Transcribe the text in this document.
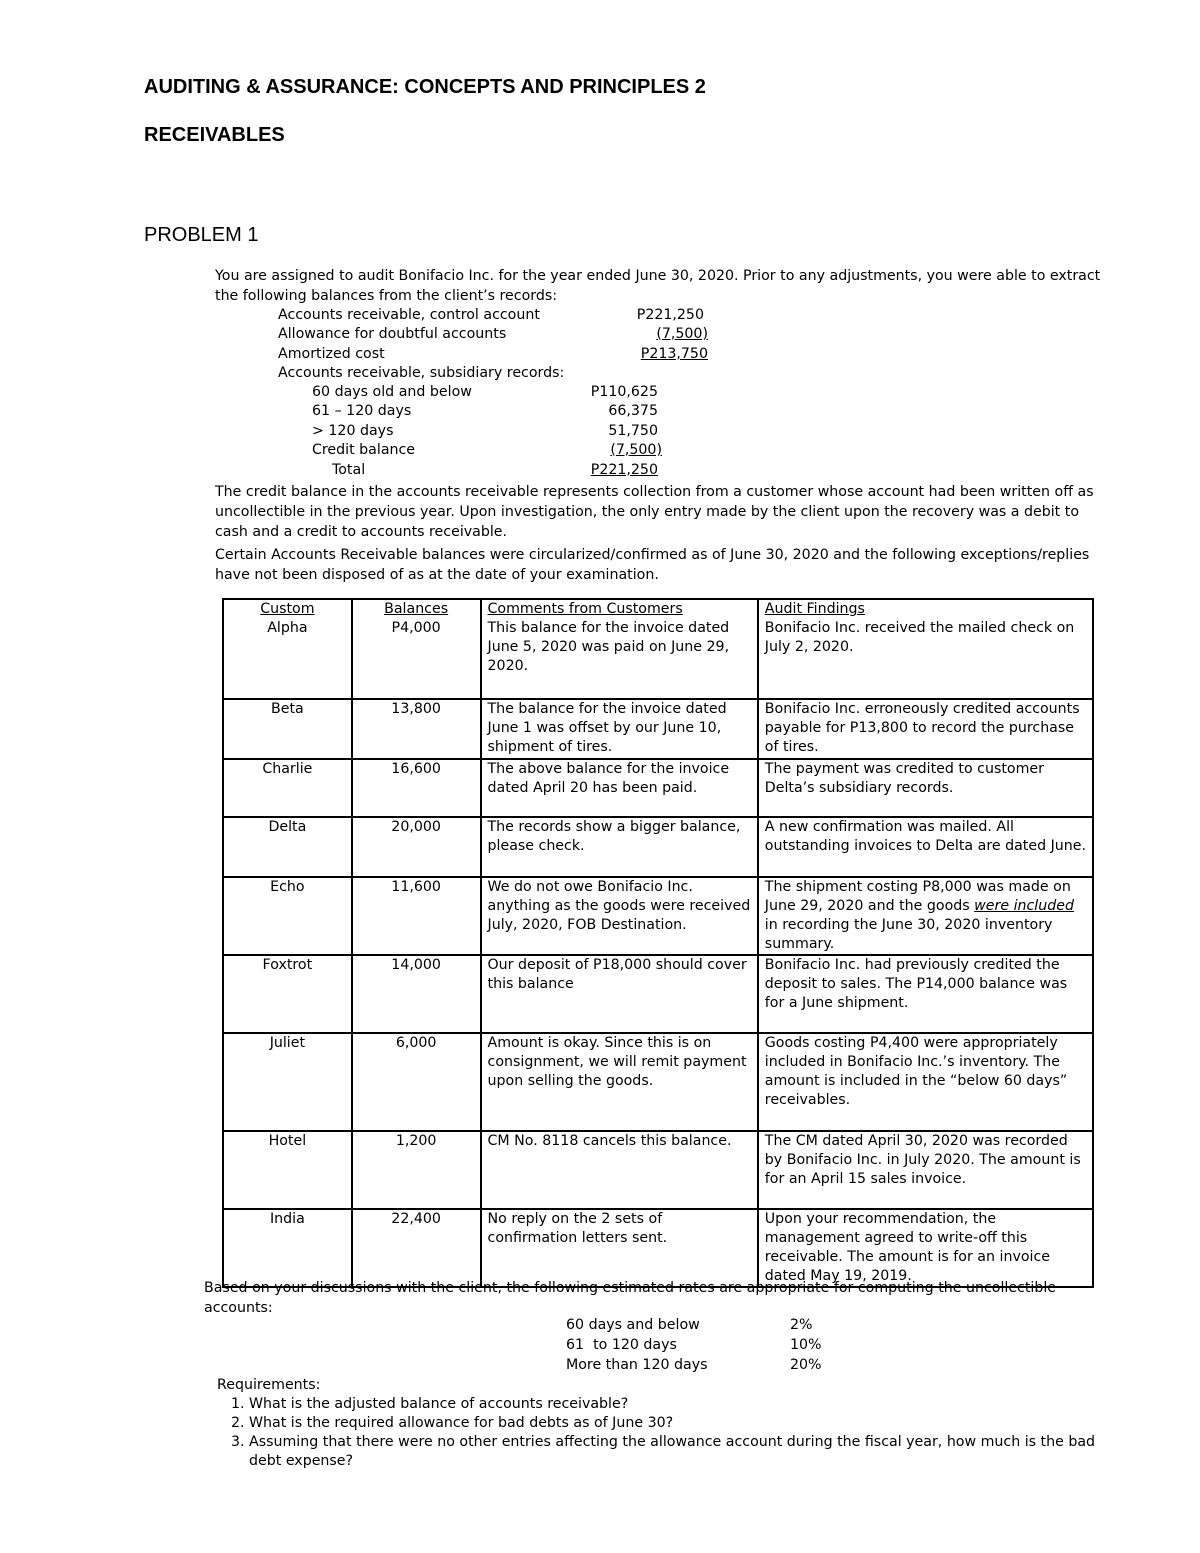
AUDITING & ASSURANCE: CONCEPTS AND PRINCIPLES 2
RECEIVABLES
PROBLEM 1
You are assigned to audit Bonifacio Inc. for the year ended June 30, 2020. Prior to any adjustments, you were able to extract the following balances from the client’s records:
Accounts receivable, control account	P221,250
Allowance for doubtful accounts	(7,500)
Amortized cost	P213,750
Accounts receivable, subsidiary records:
60 days old and below	P110,625
61 – 120 days	66,375
> 120 days	51,750
Credit balance	(7,500)
Total	P221,250
The credit balance in the accounts receivable represents collection from a customer whose account had been written off as uncollectible in the previous year. Upon investigation, the only entry made by the client upon the recovery was a debit to cash and a credit to accounts receivable.
Certain Accounts Receivable balances were circularized/confirmed as of June 30, 2020 and the following exceptions/replies have not been disposed of as at the date of your examination.
Custom	Balances	Comments from Customers	Audit Findings
Alpha	P4,000	This balance for the invoice dated June 5, 2020 was paid on June 29, 2020.	Bonifacio Inc. received the mailed check on July 2, 2020.
Beta	13,800	The balance for the invoice dated June 1 was offset by our June 10, shipment of tires.	Bonifacio Inc. erroneously credited accounts payable for P13,800 to record the purchase of tires.
Charlie	16,600	The above balance for the invoice dated April 20 has been paid.	The payment was credited to customer Delta’s subsidiary records.
Delta	20,000	The records show a bigger balance, please check.	A new confirmation was mailed. All outstanding invoices to Delta are dated June.
Echo	11,600	We do not owe Bonifacio Inc. anything as the goods were received July, 2020, FOB Destination.	The shipment costing P8,000 was made on June 29, 2020 and the goods were included in recording the June 30, 2020 inventory summary.
Foxtrot	14,000	Our deposit of P18,000 should cover this balance	Bonifacio Inc. had previously credited the deposit to sales. The P14,000 balance was for a June shipment.
Juliet	6,000	Amount is okay. Since this is on consignment, we will remit payment upon selling the goods.	Goods costing P4,400 were appropriately included in Bonifacio Inc.’s inventory. The amount is included in the “below 60 days” receivables.
Hotel	1,200	CM No. 8118 cancels this balance.	The CM dated April 30, 2020 was recorded by Bonifacio Inc. in July 2020. The amount is for an April 15 sales invoice.
India	22,400	No reply on the 2 sets of confirmation letters sent.	Upon your recommendation, the management agreed to write-off this receivable. The amount is for an invoice dated May 19, 2019.
Based on your discussions with the client, the following estimated rates are appropriate for computing the uncollectible accounts:
60 days and below	2%
61  to 120 days	10%
More than 120 days	20%
Requirements:
1. What is the adjusted balance of accounts receivable?
2. What is the required allowance for bad debts as of June 30?
3. Assuming that there were no other entries affecting the allowance account during the fiscal year, how much is the bad debt expense?
